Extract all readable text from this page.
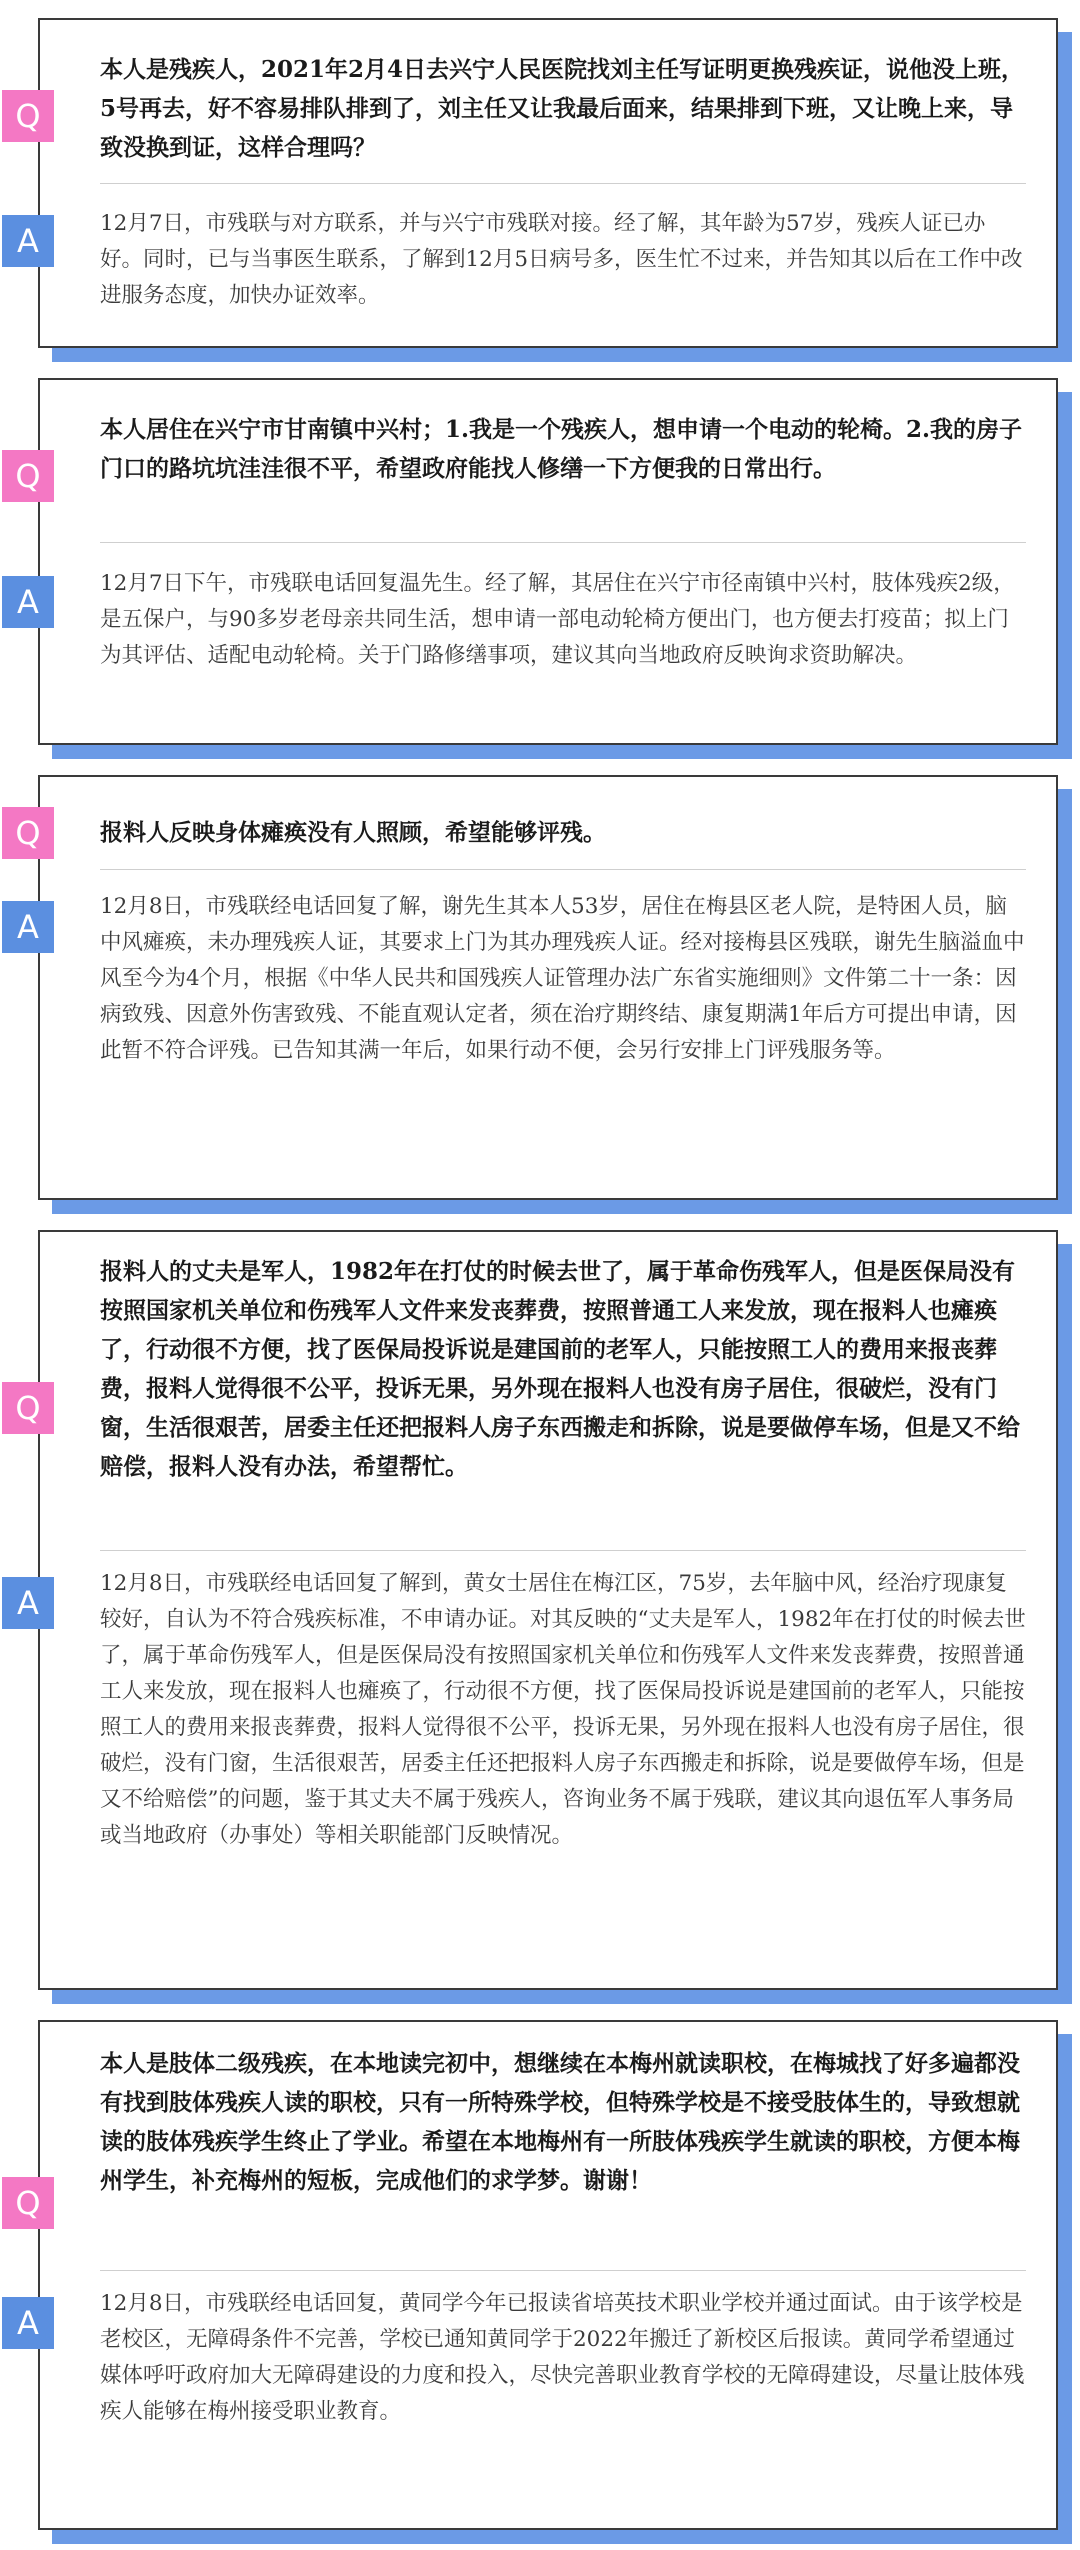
Q

本人是残疾人，2021年2月4日去兴宁人民医院找刘主任写证明更换残疾证，说他没上班，5号再去，好不容易排队排到了，刘主任又让我最后面来，结果排到下班，又让晚上来，导致没换到证，这样合理吗？

A	12月7日，市残联与对方联系，并与兴宁市残联对接。经了解，其年龄为57岁，残疾人证已办好。同时，已与当事医生联系，了解到12月5日病号多，医生忙不过来，并告知其以后在工作中改进服务态度，加快办证效率。

Q

本人居住在兴宁市甘南镇中兴村；1.我是一个残疾人，想申请一个电动的轮椅。2.我的房子门口的路坑坑洼洼很不平，希望政府能找人修缮一下方便我的日常出行。

A	12月7日下午，市残联电话回复温先生。经了解，其居住在兴宁市径南镇中兴村，肢体残疾2级，是五保户，与90多岁老母亲共同生活，想申请一部电动轮椅方便出门，也方便去打疫苗；拟上门为其评估、适配电动轮椅。关于门路修缮事项，建议其向当地政府反映询求资助解决。

Q	报料人反映身体瘫痪没有人照顾，希望能够评残。

A

12月8日，市残联经电话回复了解，谢先生其本人53岁，居住在梅县区老人院，是特困人员，脑中风瘫痪，未办理残疾人证，其要求上门为其办理残疾人证。经对接梅县区残联，谢先生脑溢血中风至今为4个月，根据《中华人民共和国残疾人证管理办法广东省实施细则》文件第二十一条：因病致残、因意外伤害致残、不能直观认定者，须在治疗期终结、康复期满1年后方可提出申请，因此暂不符合评残。已告知其满一年后，如果行动不便，会另行安排上门评残服务等。

Q

报料人的丈夫是军人，1982年在打仗的时候去世了，属于革命伤残军人，但是医保局没有按照国家机关单位和伤残军人文件来发丧葬费，按照普通工人来发放，现在报料人也瘫痪了，行动很不方便，找了医保局投诉说是建国前的老军人，只能按照工人的费用来报丧葬费，报料人觉得很不公平，投诉无果，另外现在报料人也没有房子居住，很破烂，没有门窗，生活很艰苦，居委主任还把报料人房子东西搬走和拆除，说是要做停车场，但是又不给赔偿，报料人没有办法，希望帮忙。

A

12月8日，市残联经电话回复了解到，黄女士居住在梅江区，75岁，去年脑中风，经治疗现康复较好，自认为不符合残疾标准，不申请办证。对其反映的“丈夫是军人，1982年在打仗的时候去世了，属于革命伤残军人，但是医保局没有按照国家机关单位和伤残军人文件来发丧葬费，按照普通工人来发放，现在报料人也瘫痪了，行动很不方便，找了医保局投诉说是建国前的老军人，只能按照工人的费用来报丧葬费，报料人觉得很不公平，投诉无果，另外现在报料人也没有房子居住，很破烂，没有门窗，生活很艰苦，居委主任还把报料人房子东西搬走和拆除，说是要做停车场，但是又不给赔偿”的问题，鉴于其丈夫不属于残疾人，咨询业务不属于残联，建议其向退伍军人事务局或当地政府（办事处）等相关职能部门反映情况。

Q

本人是肢体二级残疾，在本地读完初中，想继续在本梅州就读职校，在梅城找了好多遍都没有找到肢体残疾人读的职校，只有一所特殊学校，但特殊学校是不接受肢体生的，导致想就读的肢体残疾学生终止了学业。希望在本地梅州有一所肢体残疾学生就读的职校，方便本梅州学生，补充梅州的短板，完成他们的求学梦。谢谢！

A

12月8日，市残联经电话回复，黄同学今年已报读省培英技术职业学校并通过面试。由于该学校是老校区，无障碍条件不完善，学校已通知黄同学于2022年搬迁了新校区后报读。黄同学希望通过媒体呼吁政府加大无障碍建设的力度和投入，尽快完善职业教育学校的无障碍建设，尽量让肢体残疾人能够在梅州接受职业教育。
